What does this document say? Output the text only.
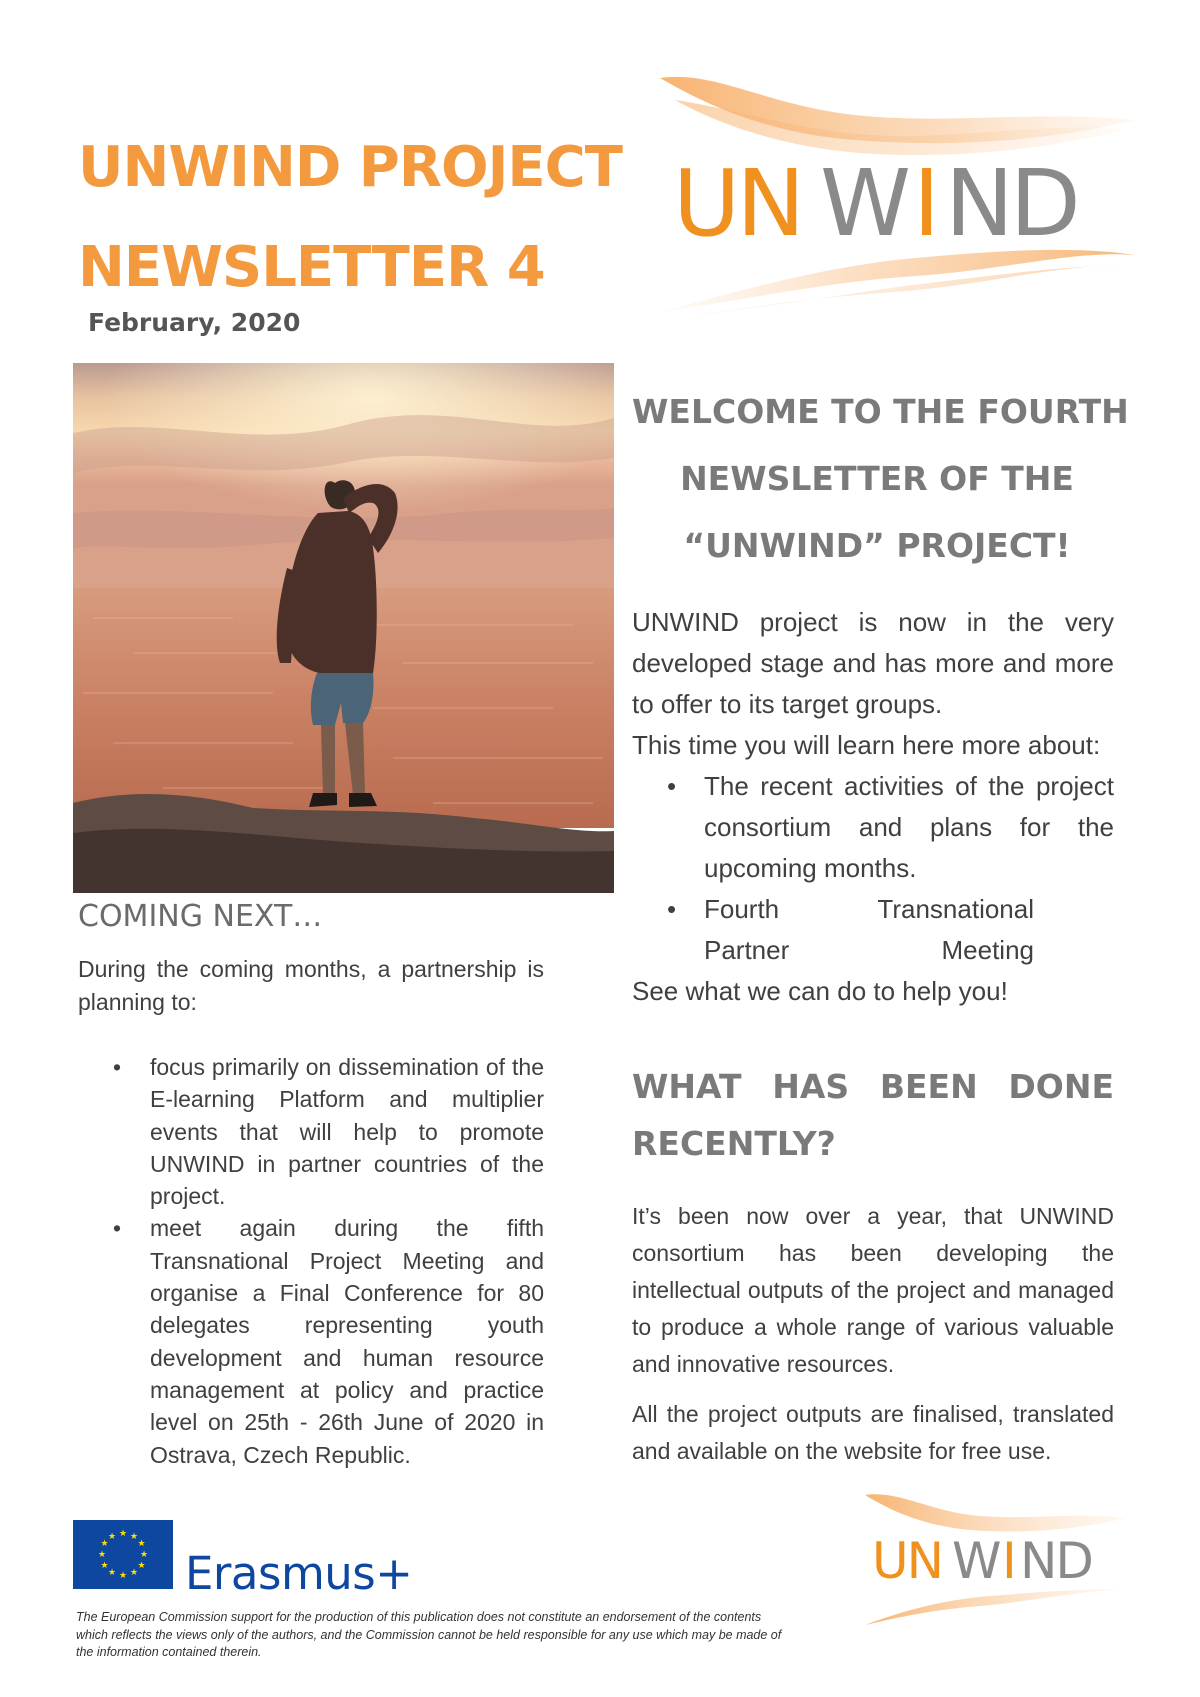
UNWIND PROJECT
NEWSLETTER 4
February, 2020
UN W I ND
COMING NEXT…

During the coming months, a partnership is planning to:

• focus primarily on dissemination of the E-learning Platform and multiplier events that will help to promote UNWIND in partner countries of the project.
• meet again during the fifth Transnational Project Meeting and organise a Final Conference for 80 delegates representing youth development and human resource management at policy and practice level on 25th - 26th June of 2020 in Ostrava, Czech Republic.
WELCOME TO THE FOURTH
NEWSLETTER OF THE
“UNWIND” PROJECT!
UNWIND project is now in the very developed stage and has more and more to offer to its target groups.
This time you will learn here more about:
• The recent activities of the project consortium and plans for the upcoming months.
• Fourth Transnational Partner Meeting
See what we can do to help you!
WHAT HAS BEEN DONE
RECENTLY?

It’s been now over a year, that UNWIND consortium has been developing the intellectual outputs of the project and managed to produce a whole range of various valuable and innovative resources.

All the project outputs are finalised, translated and available on the website for free use.

★ ★
★
★
★
★
★
★
★
★
★
★
Erasmus+

The European Commission support for the production of this publication does not constitute an endorsement of the contents which reflects the views only of the authors, and the Commission cannot be held responsible for any use which may be made of the information contained therein.

UN W I ND
